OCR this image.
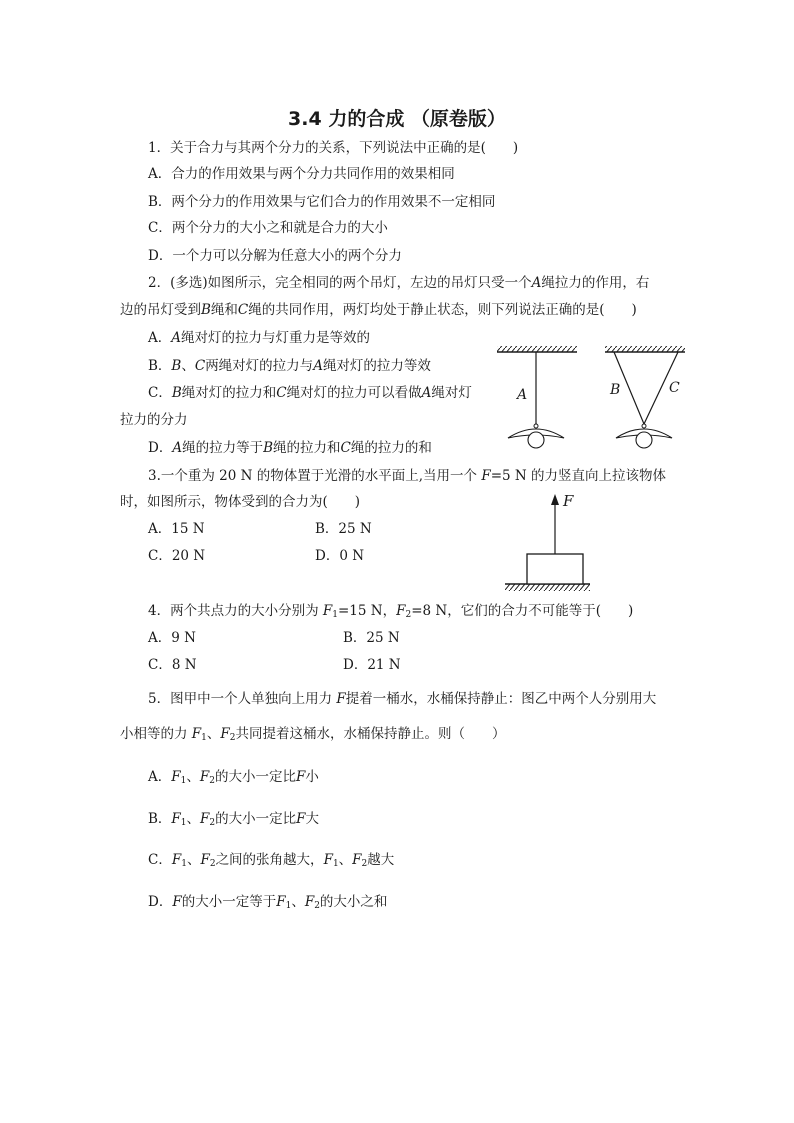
3.4 力的合成 （原卷版）
1．关于合力与其两个分力的关系，下列说法中正确的是(　　)
A．合力的作用效果与两个分力共同作用的效果相同
B．两个分力的作用效果与它们合力的作用效果不一定相同
C．两个分力的大小之和就是合力的大小
D．一个力可以分解为任意大小的两个分力
2．(多选)如图所示，完全相同的两个吊灯，左边的吊灯只受一个A绳拉力的作用，右
边的吊灯受到B绳和C绳的共同作用，两灯均处于静止状态，则下列说法正确的是(　　)
A．A绳对灯的拉力与灯重力是等效的
B．B、C两绳对灯的拉力与A绳对灯的拉力等效
C．B绳对灯的拉力和C绳对灯的拉力可以看做A绳对灯
拉力的分力
D．A绳的拉力等于B绳的拉力和C绳的拉力的和
A	B	C
3.一个重为 20 N 的物体置于光滑的水平面上,当用一个 F=5 N 的力竖直向上拉该物体
时，如图所示，物体受到的合力为(　　)
A．15 N	B．25 N
C．20 N	D．0 N
F
4．两个共点力的大小分别为 $F_1=15$ N，$F_2=8$ N，它们的合力不可能等于(　　)
A．9 N	B．25 N
C．8 N	D．21 N
5．图甲中一个人单独向上用力 F提着一桶水，水桶保持静止：图乙中两个人分别用大
小相等的力 $F_1$、$F_2$共同提着这桶水，水桶保持静止。则（　　）
A．$F_1$、$F_2$的大小一定比F小
B．$F_1$、$F_2$的大小一定比F大
C．$F_1$、$F_2$之间的张角越大，$F_1$、$F_2$越大
D．F的大小一定等于$F_1$、$F_2$的大小之和
